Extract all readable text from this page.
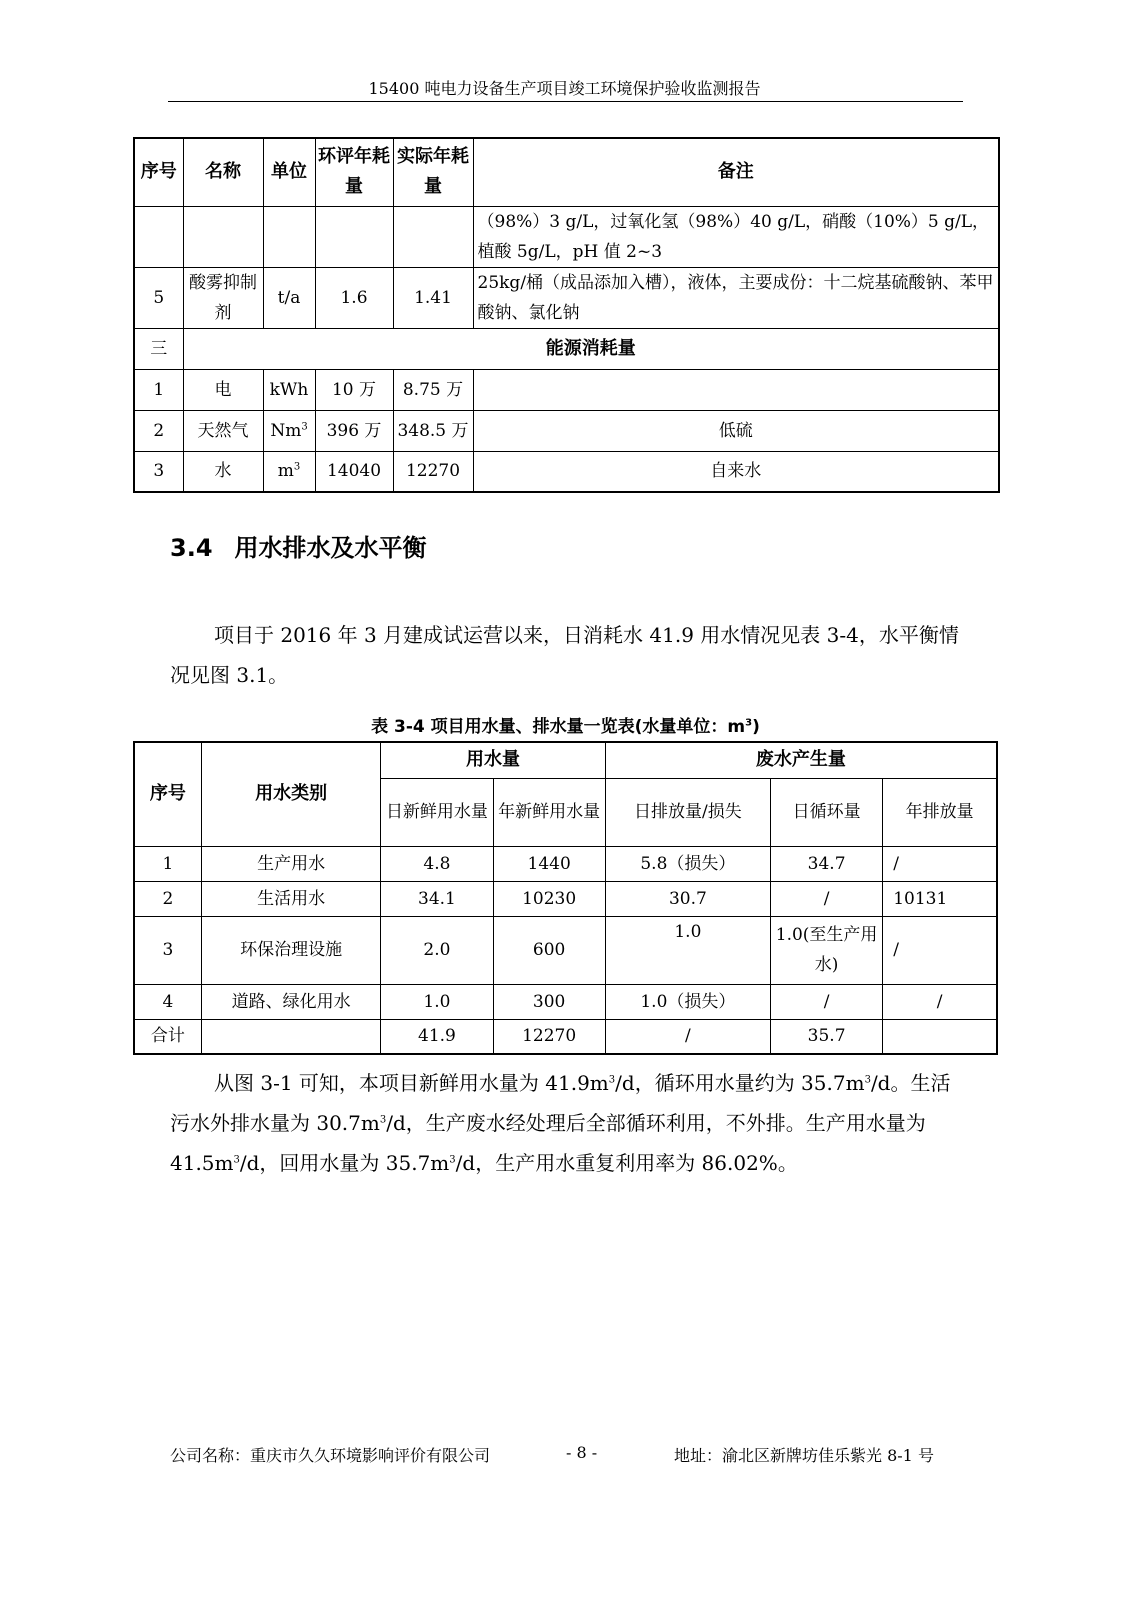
15400 吨电力设备生产项目竣工环境保护验收监测报告
序号	名称	单位	环评年耗量	实际年耗量	备注
					（98%）3 g/L，过氧化氢（98%）40 g/L，硝酸（10%）5 g/L，植酸 5g/L，pH 值 2~3
5	酸雾抑制剂	t/a	1.6	1.41	25kg/桶（成品添加入槽），液体，主要成份：十二烷基硫酸钠、苯甲酸钠、氯化钠
三	能源消耗量				
1	电	kWh	10 万	8.75 万	
2	天然气	Nm$^3$	396 万	348.5 万	低硫
3	水	$m^3$	14040	12270	自来水
3.4 用水排水及水平衡
项目于 2016 年 3 月建成试运营以来，日消耗水 41.9 用水情况见表 3-4，水平衡情况见图 3.1。
表 3-4 项目用水量、排水量一览表(水量单位：$m^3$)
序号	用水类别	用水量		废水产生量		
		日新鲜用水量	年新鲜用水量	日排放量/损失	日循环量	年排放量
1	生产用水	4.8	1440	5.8（损失）	34.7	/
2	生活用水	34.1	10230	30.7	/	10131
3	环保治理设施	2.0	600	1.0	1.0(至生产用水)	/
4	道路、绿化用水	1.0	300	1.0（损失）	/	/
合计		41.9	12270	/	35.7	
从图 3-1 可知，本项目新鲜用水量为 $41.9m^3/d$，循环用水量约为 $35.7m^3/d$。生活污水外排水量为 $30.7m^3/d$，生产废水经处理后全部循环利用，不外排。生产用水量为 $41.5m^3/d$，回用水量为 $35.7m^3/d$，生产用水重复利用率为 86.02%。
公司名称：重庆市久久环境影响评价有限公司	- 8 -	地址：渝北区新牌坊佳乐紫光 8-1 号
